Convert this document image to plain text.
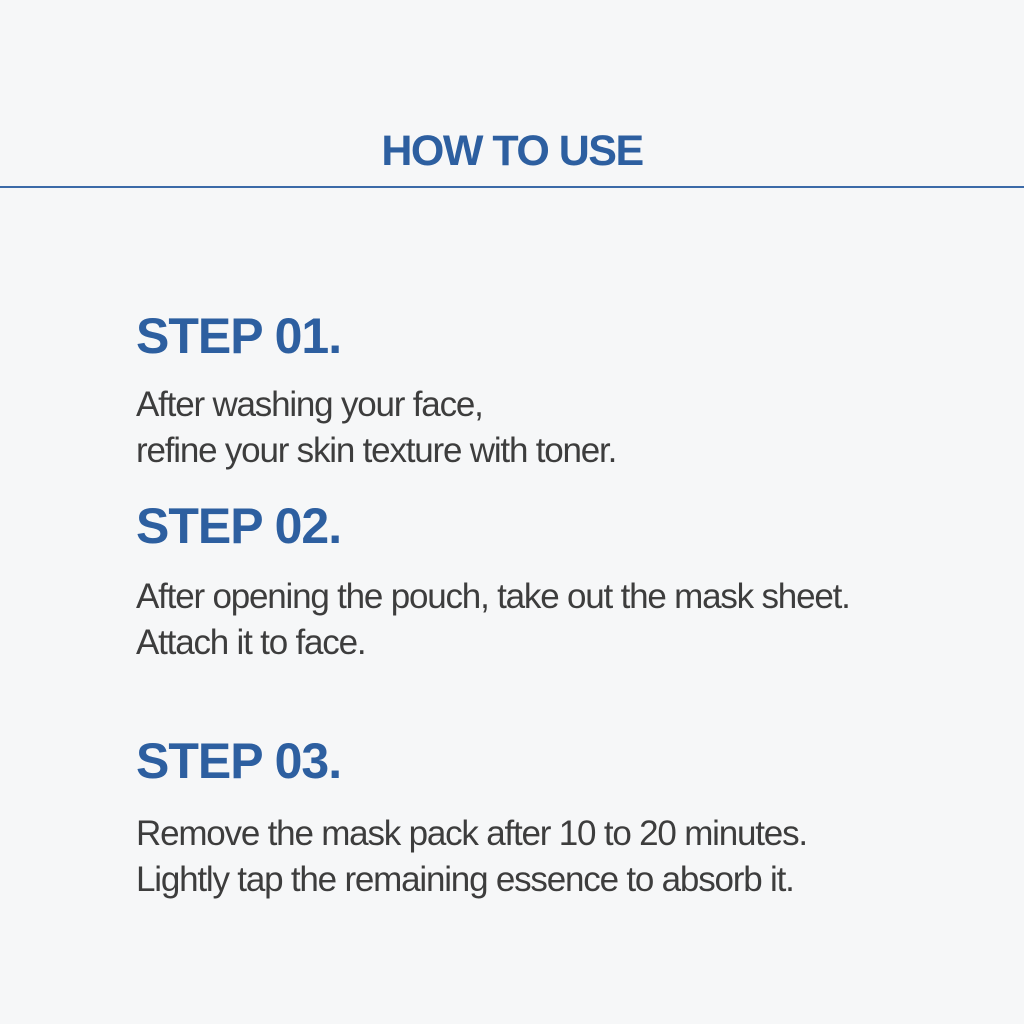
HOW TO USE
STEP 01.
After washing your face,
refine your skin texture with toner.
STEP 02.
After opening the pouch, take out the mask sheet.
Attach it to face.
STEP 03.
Remove the mask pack after 10 to 20 minutes.
Lightly tap the remaining essence to absorb it.
